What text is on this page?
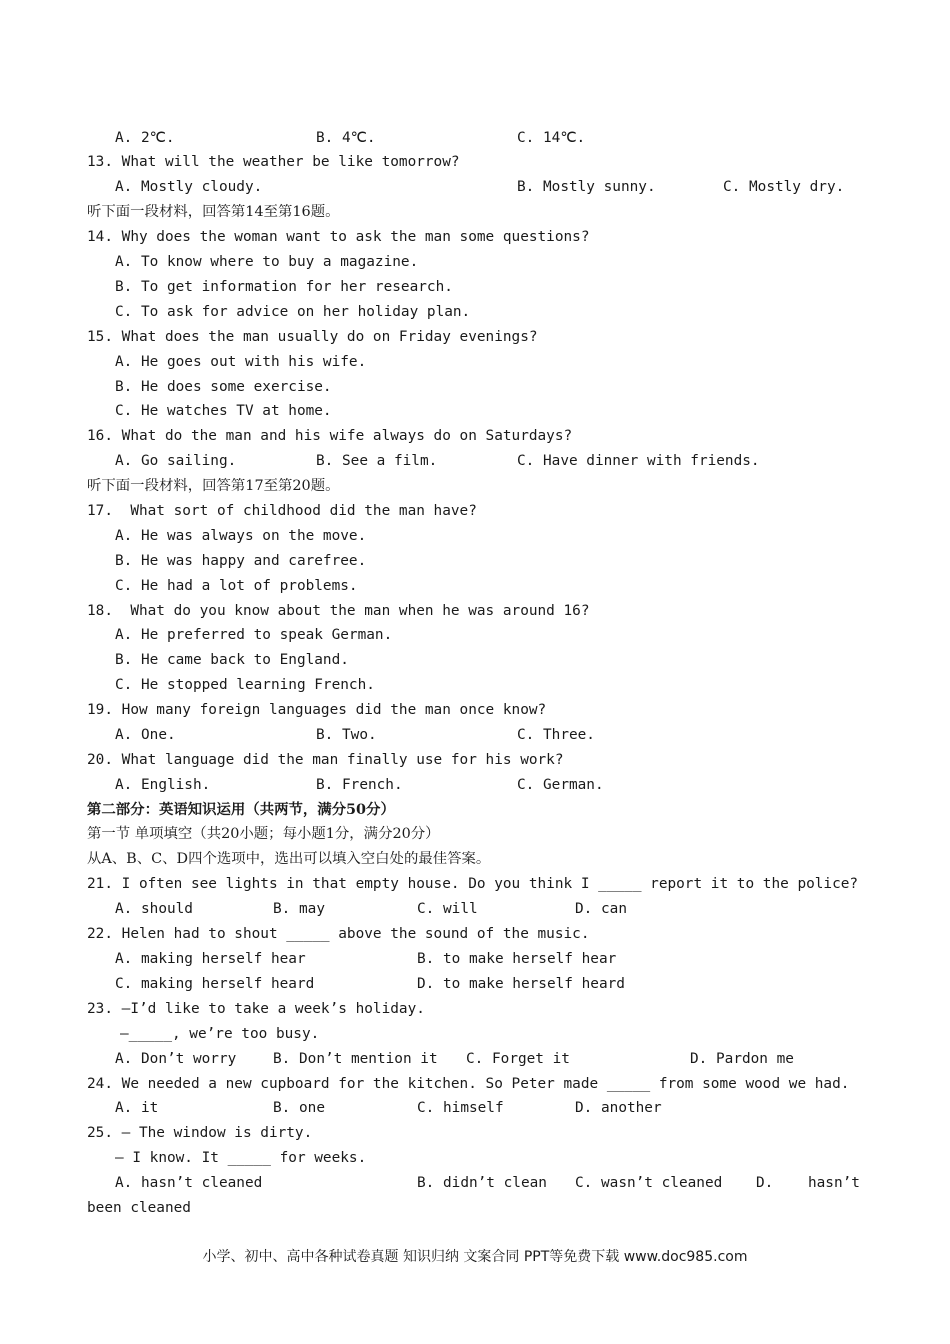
A. 2℃.	B. 4℃.	C. 14℃.
13. What will the weather be like tomorrow?
A. Mostly cloudy.	B. Mostly sunny.	C. Mostly dry.
听下面一段材料，回答第14至第16题。
14. Why does the woman want to ask the man some questions?
A. To know where to buy a magazine.
B. To get information for her research.
C. To ask for advice on her holiday plan.
15. What does the man usually do on Friday evenings?
A. He goes out with his wife.
B. He does some exercise.
C. He watches TV at home.
16. What do the man and his wife always do on Saturdays?
A. Go sailing.	B. See a film.	C. Have dinner with friends.
听下面一段材料，回答第17至第20题。
17.  What sort of childhood did the man have?
A. He was always on the move.
B. He was happy and carefree.
C. He had a lot of problems.
18.  What do you know about the man when he was around 16?
A. He preferred to speak German.
B. He came back to England.
C. He stopped learning French.
19. How many foreign languages did the man once know?
A. One.	B. Two.	C. Three.
20. What language did the man finally use for his work?
A. English.	B. French.	C. German.
第二部分：英语知识运用（共两节，满分50分）
第一节 单项填空（共20小题；每小题1分，满分20分）
从A、B、C、D四个选项中，选出可以填入空白处的最佳答案。
21. I often see lights in that empty house. Do you think I _____ report it to the police?
A. should	B. may	C. will	D. can
22. Helen had to shout _____ above the sound of the music.
A. making herself hear	B. to make herself hear
C. making herself heard	D. to make herself heard
23. —I’d like to take a week’s holiday.
—_____, we’re too busy.
A. Don’t worry	B. Don’t mention it C. Forget it	D. Pardon me
24. We needed a new cupboard for the kitchen. So Peter made _____ from some wood we had.
A. it	B. one	C. himself	D. another
25. — The window is dirty.
— I know. It _____ for weeks.
A. hasn’t cleaned	B. didn’t clean C. wasn’t cleaned D.    hasn’t
been cleaned
小学、初中、高中各种试卷真题 知识归纳 文案合同 PPT等免费下载 www.doc985.com
